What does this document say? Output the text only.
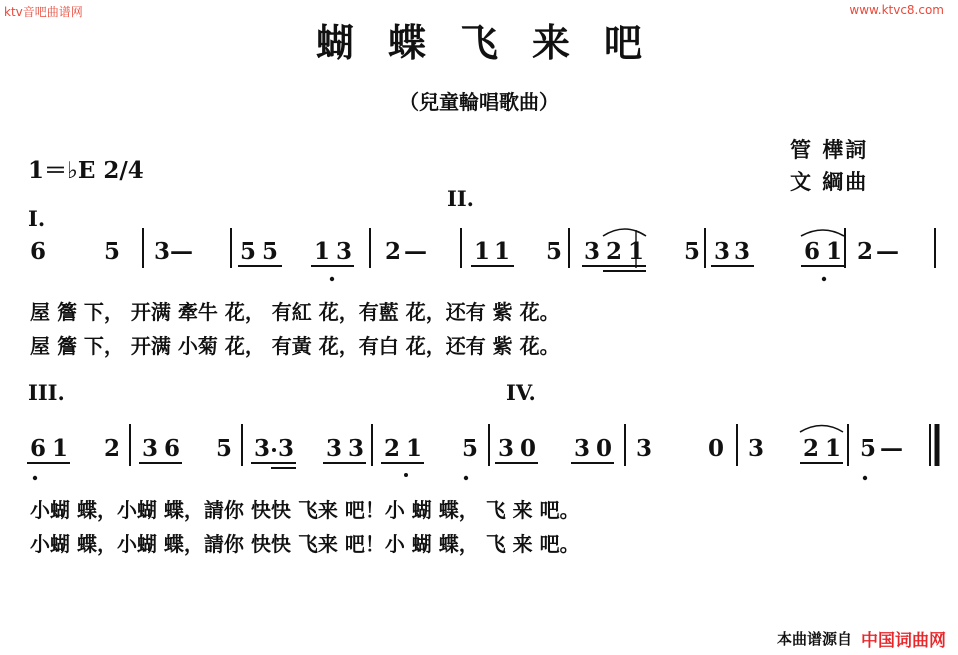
ktv音吧曲谱网	www.ktvc8.com
蝴蝶飞来吧
（兒童輪唱歌曲）
1＝♭E 2/4
管 樺詞
文 綱曲
I.
II.
III.	IV.
6	5 3 — 5 5 1 3 2 — 1 1 5 3 2 1 5 3 3 6 1 2 —
6 1 2 3 6 5 3 3 3 3 2 1 5 3 0 3 0 3 0 3 2 1 5 —
屋 簷 下， 开满 牽牛 花， 有紅 花，有藍 花，还有 紫 花。
屋 簷 下， 开满 小菊 花， 有黃 花，有白 花，还有 紫 花。
小蝴 蝶，小蝴 蝶，請你 快快 飞来 吧！小 蝴 蝶， 飞 来 吧。
小蝴 蝶，小蝴 蝶，請你 快快 飞来 吧！小 蝴 蝶， 飞 来 吧。
本曲谱源自 中国词曲网
